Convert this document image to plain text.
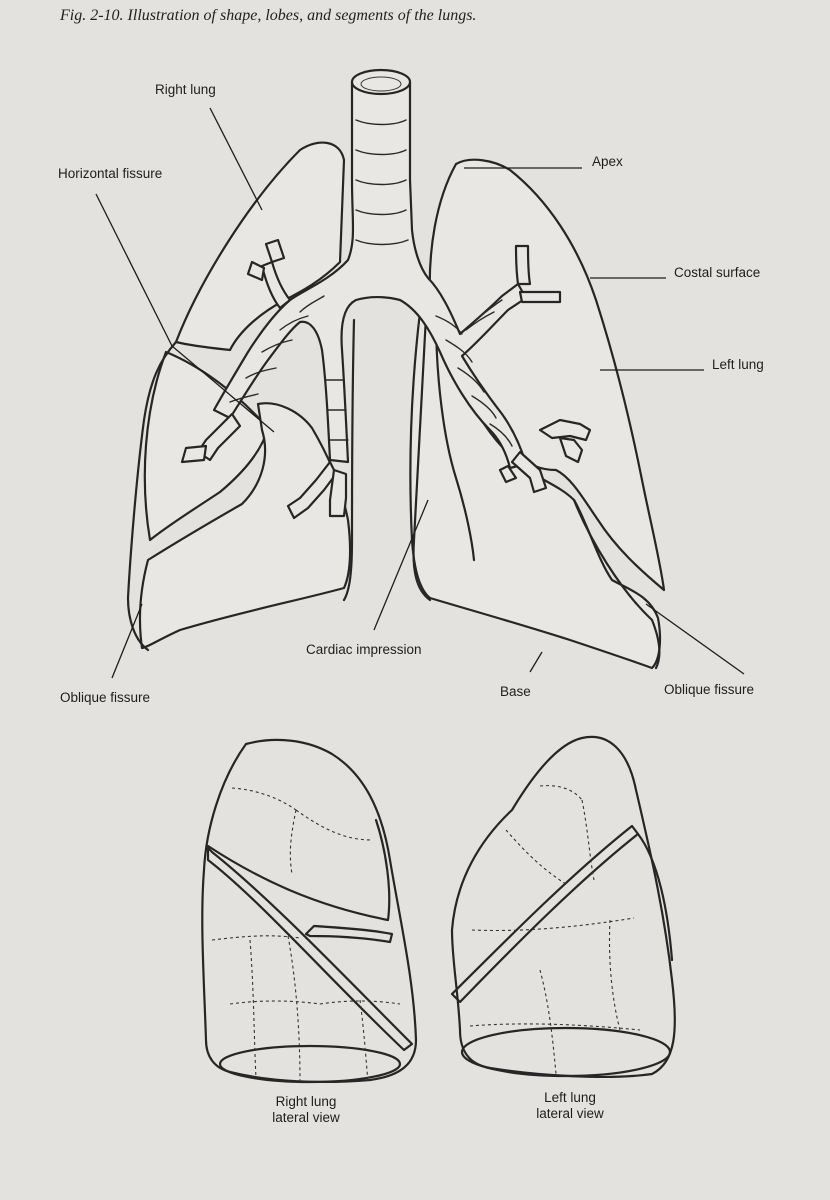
Fig. 2-10. Illustration of shape, lobes, and segments of the lungs.
Right lung
Horizontal fissure
Apex
Costal surface
Left lung
Cardiac impression
Oblique fissure	Base	Oblique fissure
Right lung
lateral view
Left lung
lateral view
